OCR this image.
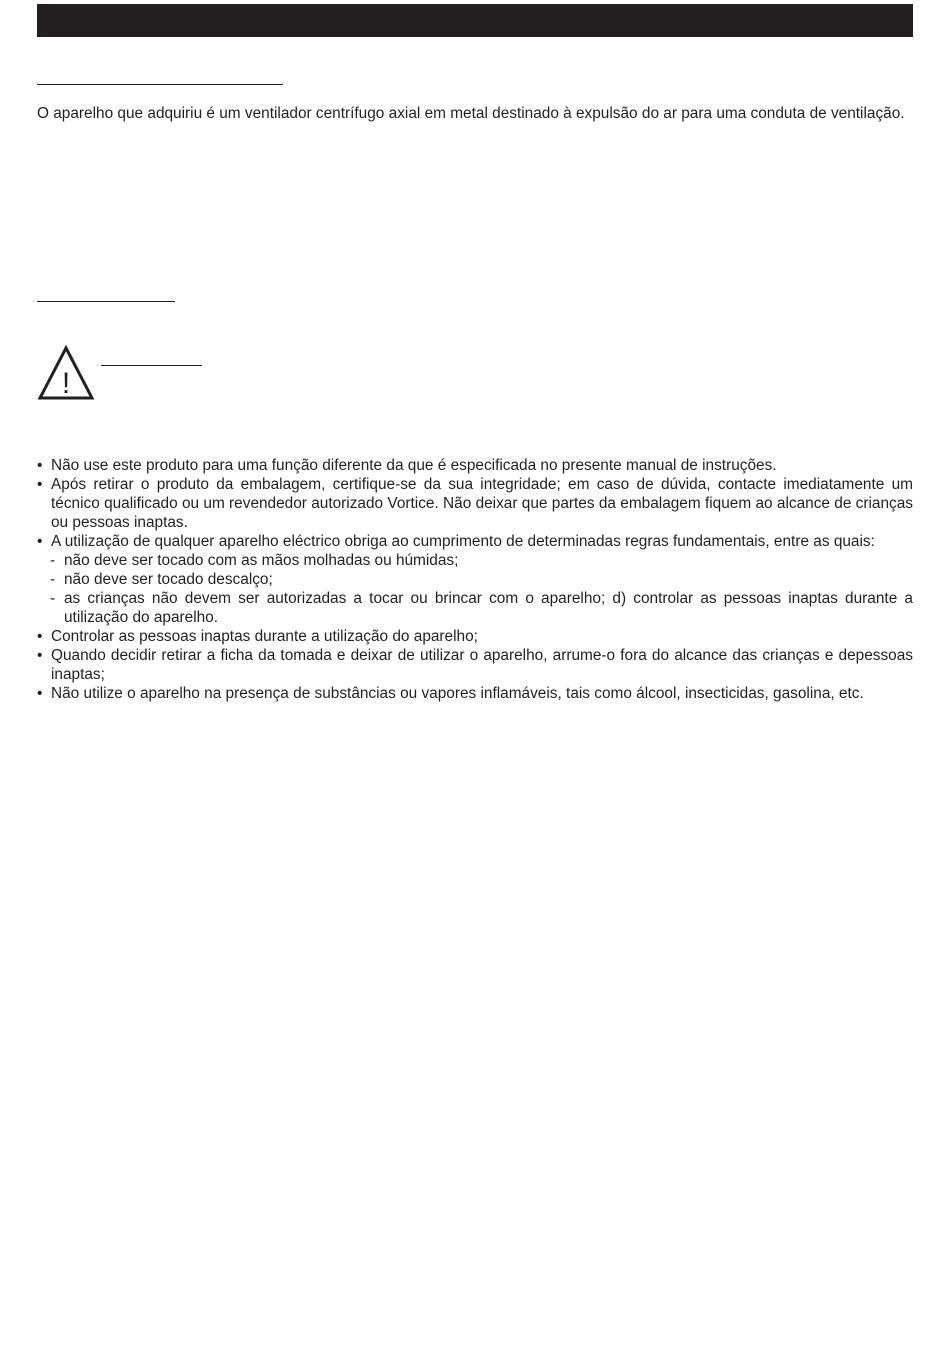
O aparelho que adquiriu é um ventilador centrífugo axial em metal destinado à expulsão do ar para uma conduta de ventilação.

!
• Não use este produto para uma função diferente da que é especificada no presente manual de instruções.
• Após retirar o produto da embalagem, certifique-se da sua integridade; em caso de dúvida, contacte imediatamente um técnico qualificado ou um revendedor autorizado Vortice. Não deixar que partes da embalagem fiquem ao alcance de crianças ou pessoas inaptas.
• A utilização de qualquer aparelho eléctrico obriga ao cumprimento de determinadas regras fundamentais, entre as quais:
- não deve ser tocado com as mãos molhadas ou húmidas;
- não deve ser tocado descalço;
- as crianças não devem ser autorizadas a tocar ou brincar com o aparelho; d) controlar as pessoas inaptas durante a utilização do aparelho.
• Controlar as pessoas inaptas durante a utilização do aparelho;
• Quando decidir retirar a ficha da tomada e deixar de utilizar o aparelho, arrume-o fora do alcance das crianças e depessoas inaptas;
• Não utilize o aparelho na presença de substâncias ou vapores inflamáveis, tais como álcool, insecticidas, gasolina, etc.
